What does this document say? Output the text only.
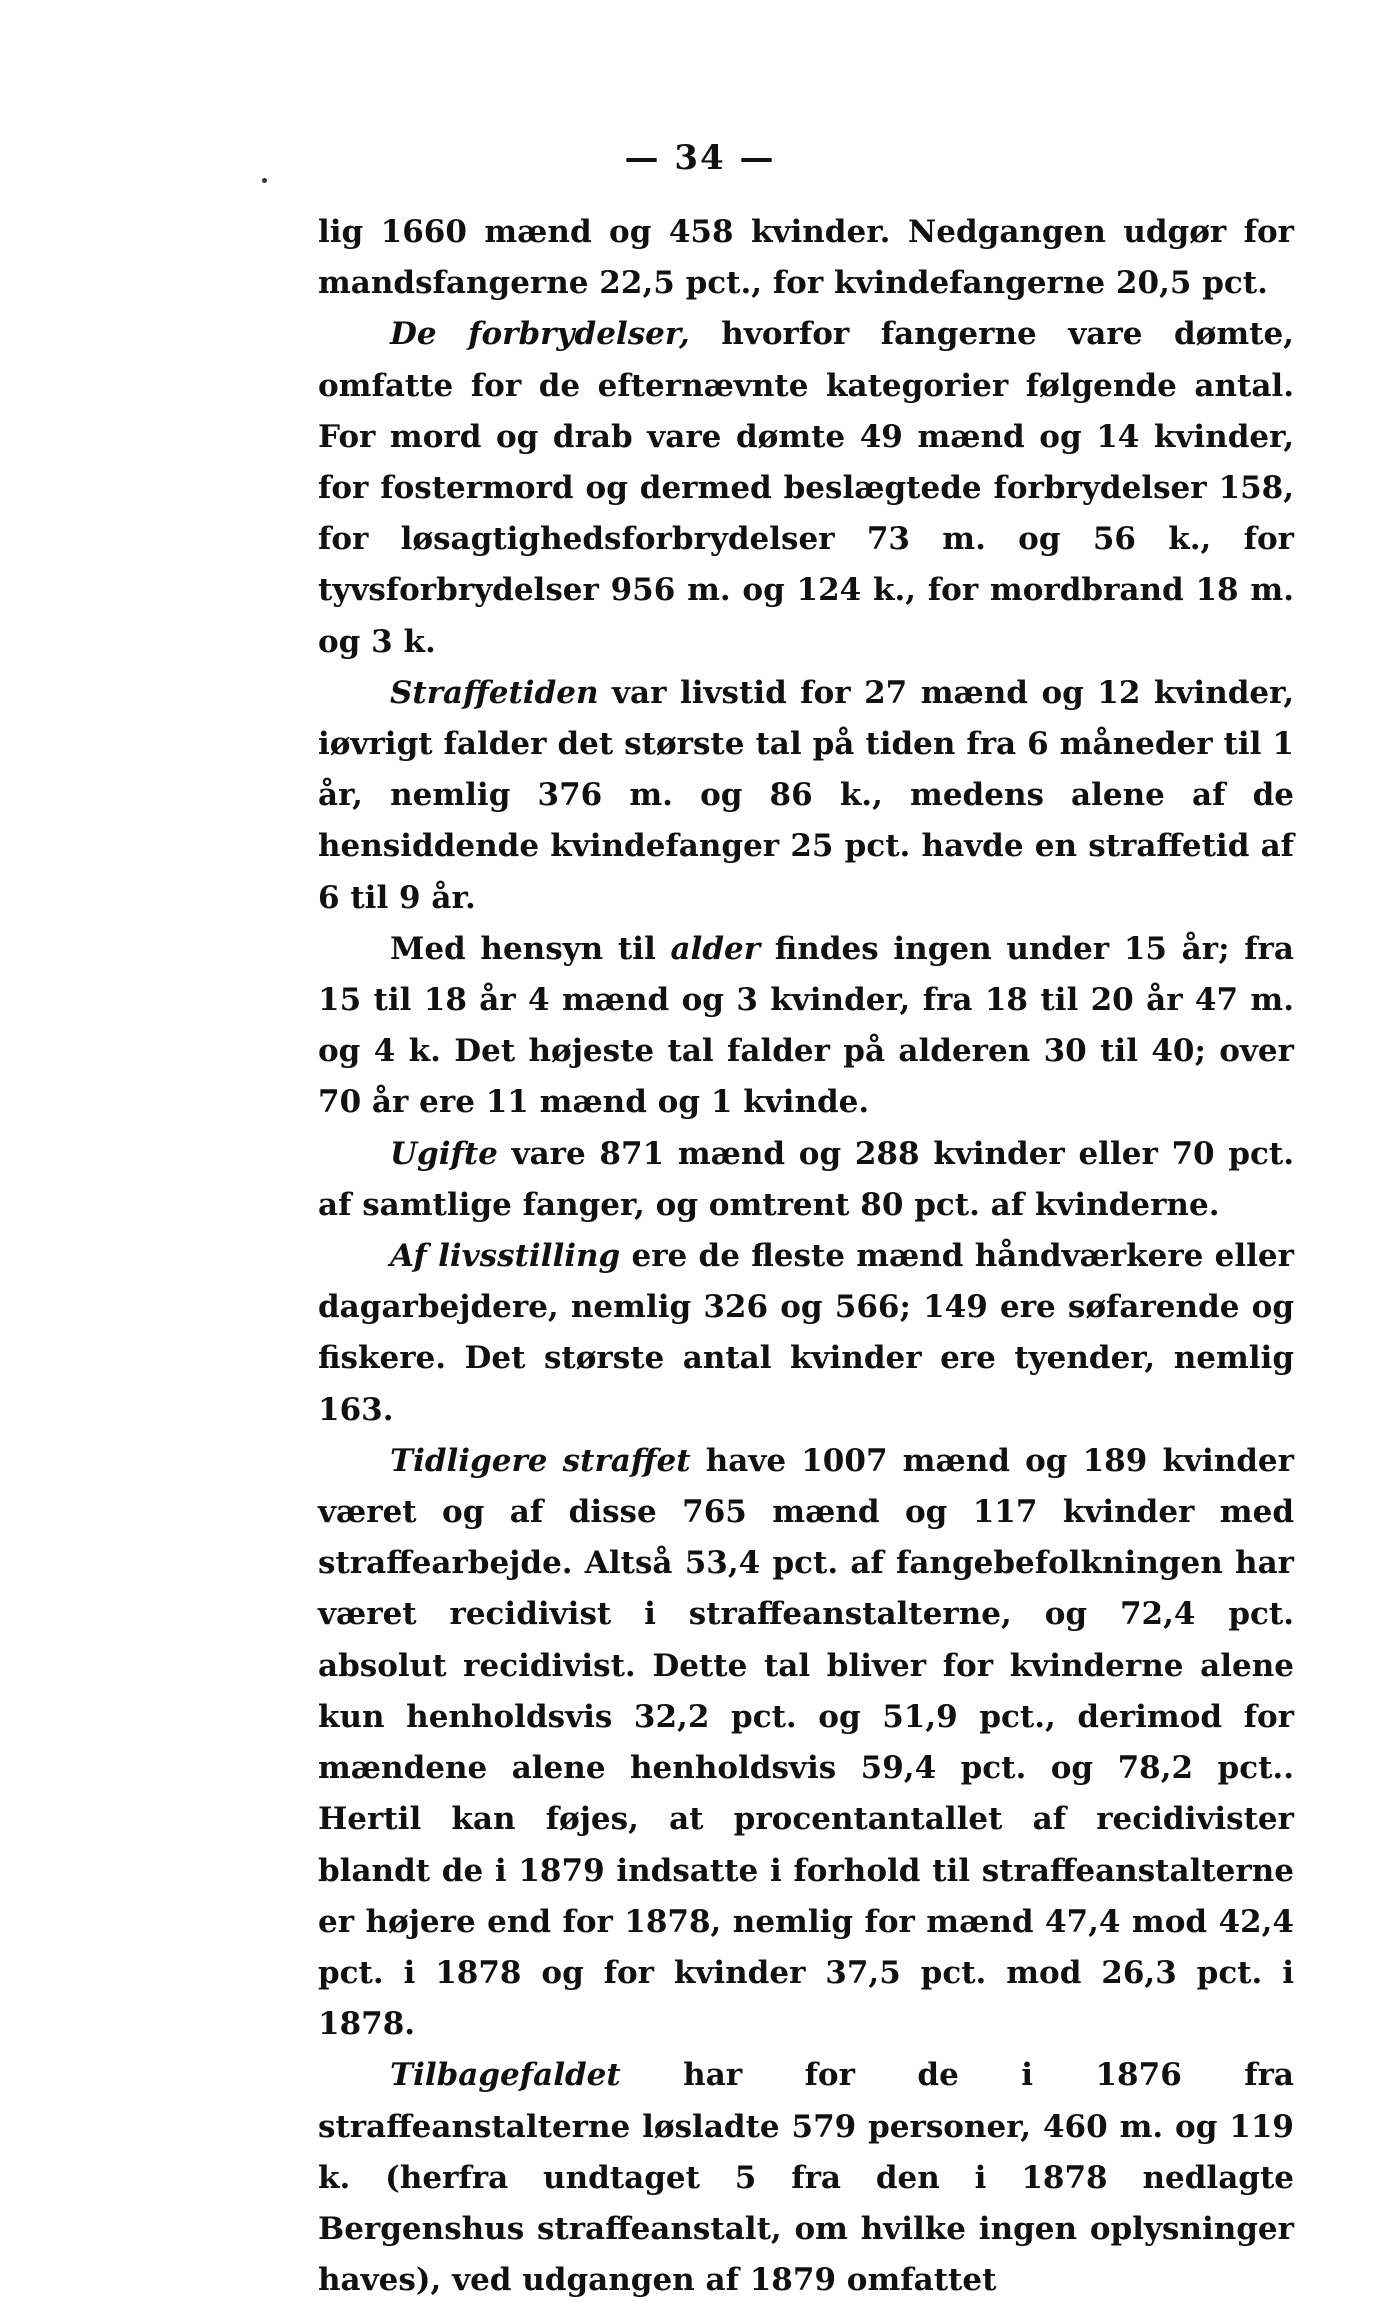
— 34 —

lig 1660 mænd og 458 kvinder. Nedgangen udgør for mandsfangerne 22,5 pct., for kvindefangerne 20,5 pct.

De forbrydelser, hvorfor fangerne vare dømte, omfatte for de efternævnte kategorier følgende antal. For mord og drab vare dømte 49 mænd og 14 kvinder, for fostermord og dermed beslægtede forbrydelser 158, for løsagtighedsforbrydelser 73 m. og 56 k., for tyvsforbrydelser 956 m. og 124 k., for mordbrand 18 m. og 3 k.

Straffetiden var livstid for 27 mænd og 12 kvinder, iøvrigt falder det største tal på tiden fra 6 måneder til 1 år, nemlig 376 m. og 86 k., medens alene af de hensiddende kvindefanger 25 pct. havde en straffetid af 6 til 9 år.

Med hensyn til alder findes ingen under 15 år; fra 15 til 18 år 4 mænd og 3 kvinder, fra 18 til 20 år 47 m. og 4 k. Det højeste tal falder på alderen 30 til 40; over 70 år ere 11 mænd og 1 kvinde.

Ugifte vare 871 mænd og 288 kvinder eller 70 pct. af samtlige fanger, og omtrent 80 pct. af kvinderne.

Af livsstilling ere de fleste mænd håndværkere eller dagarbejdere, nemlig 326 og 566; 149 ere søfarende og fiskere. Det største antal kvinder ere tyender, nemlig 163.

Tidligere straffet have 1007 mænd og 189 kvinder været og af disse 765 mænd og 117 kvinder med straffearbejde. Altså 53,4 pct. af fangebefolkningen har været recidivist i straffeanstalterne, og 72,4 pct. absolut recidivist. Dette tal bliver for kvinderne alene kun henholdsvis 32,2 pct. og 51,9 pct., derimod for mændene alene henholdsvis 59,4 pct. og 78,2 pct.. Hertil kan føjes, at procentantallet af recidivister blandt de i 1879 indsatte i forhold til straffeanstalterne er højere end for 1878, nemlig for mænd 47,4 mod 42,4 pct. i 1878 og for kvinder 37,5 pct. mod 26,3 pct. i 1878.

Tilbagefaldet har for de i 1876 fra straffeanstalterne løsladte 579 personer, 460 m. og 119 k. (herfra undtaget 5 fra den i 1878 nedlagte Bergenshus straffeanstalt, om hvilke ingen oplysninger haves), ved udgangen af 1879 omfattet
